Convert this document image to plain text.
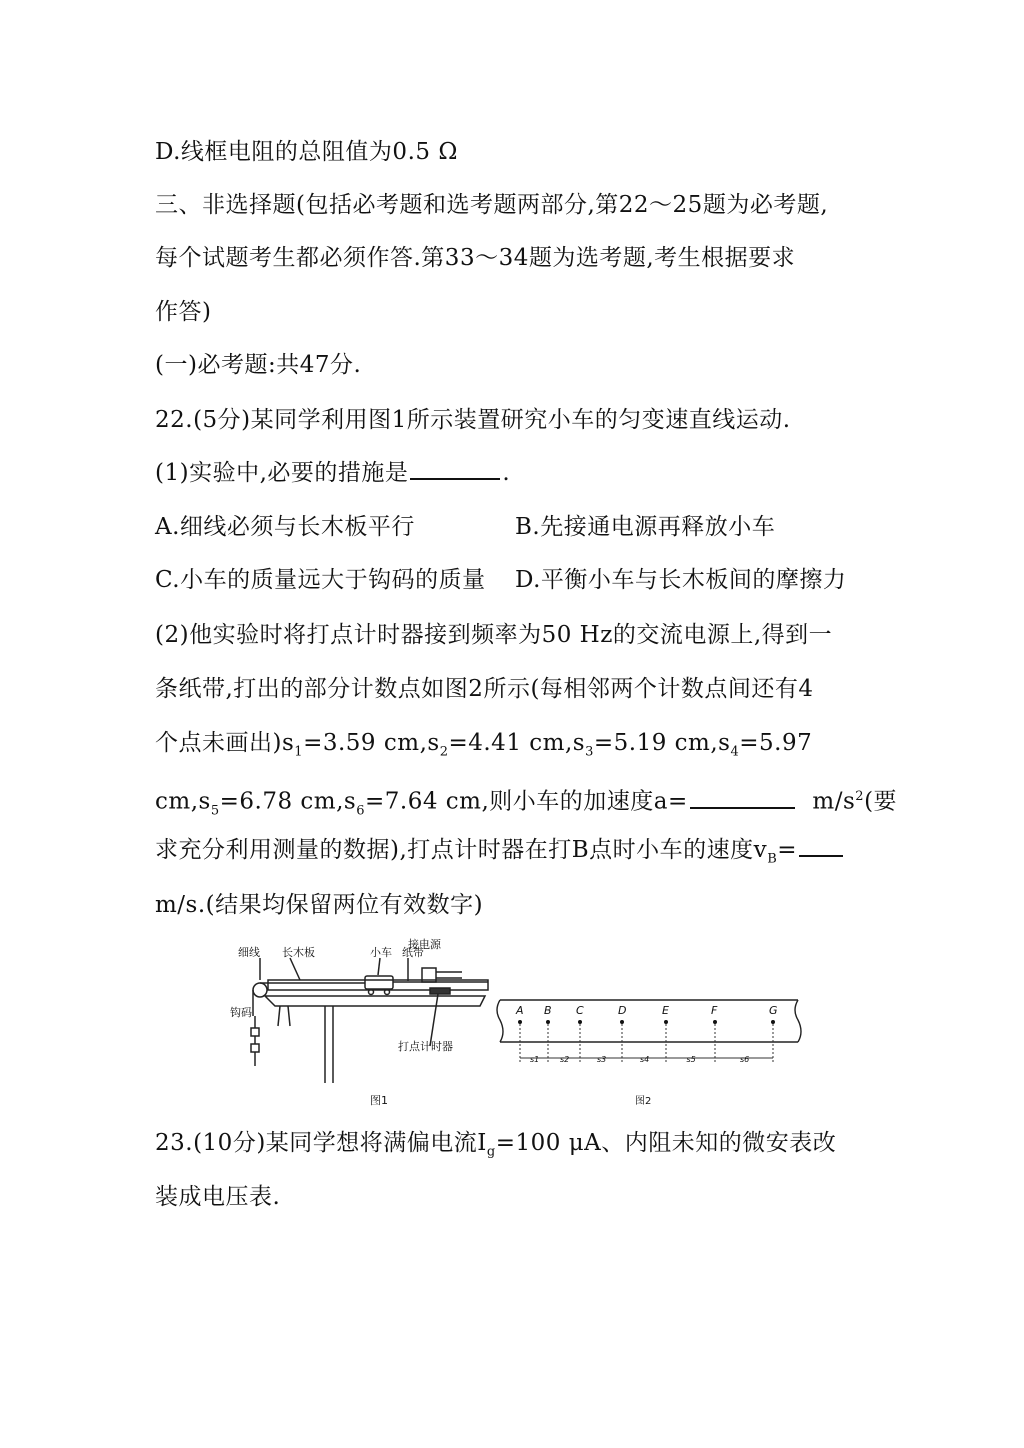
D.线框电阻的总阻值为0.5 Ω
三、非选择题(包括必考题和选考题两部分,第22～25题为必考题,
每个试题考生都必须作答.第33～34题为选考题,考生根据要求
作答)
(一)必考题:共47分.
22.(5分)某同学利用图1所示装置研究小车的匀变速直线运动.
(1)实验中,必要的措施是	.
A.细线必须与长木板平行	B.先接通电源再释放小车
C.小车的质量远大于钩码的质量 D.平衡小车与长木板间的摩擦力
(2)他实验时将打点计时器接到频率为50 Hz的交流电源上,得到一
条纸带,打出的部分计数点如图2所示(每相邻两个计数点间还有4
个点未画出)$s_1=3.59$ $cm,s_2=4.41$ $cm,s_3=5.19$ $cm,s_4=5.97$
$cm,s_5=6.78$ $cm,s_6=7.64$ cm,则小车的加速度a=	$m/s^2$(要
求充分利用测量的数据),打点计时器在打B点时小车的速度$v_B=$
m/s.(结果均保留两位有效数字)
细线 长木板	小车 纸带
接电源
钩码
打点计时器
图1
A B C	D	E	F	G
s1	s2	s3	s4	s5	s6
图2
23.(10分)某同学想将满偏电流$I_g=100$ μA、内阻未知的微安表改
装成电压表.
